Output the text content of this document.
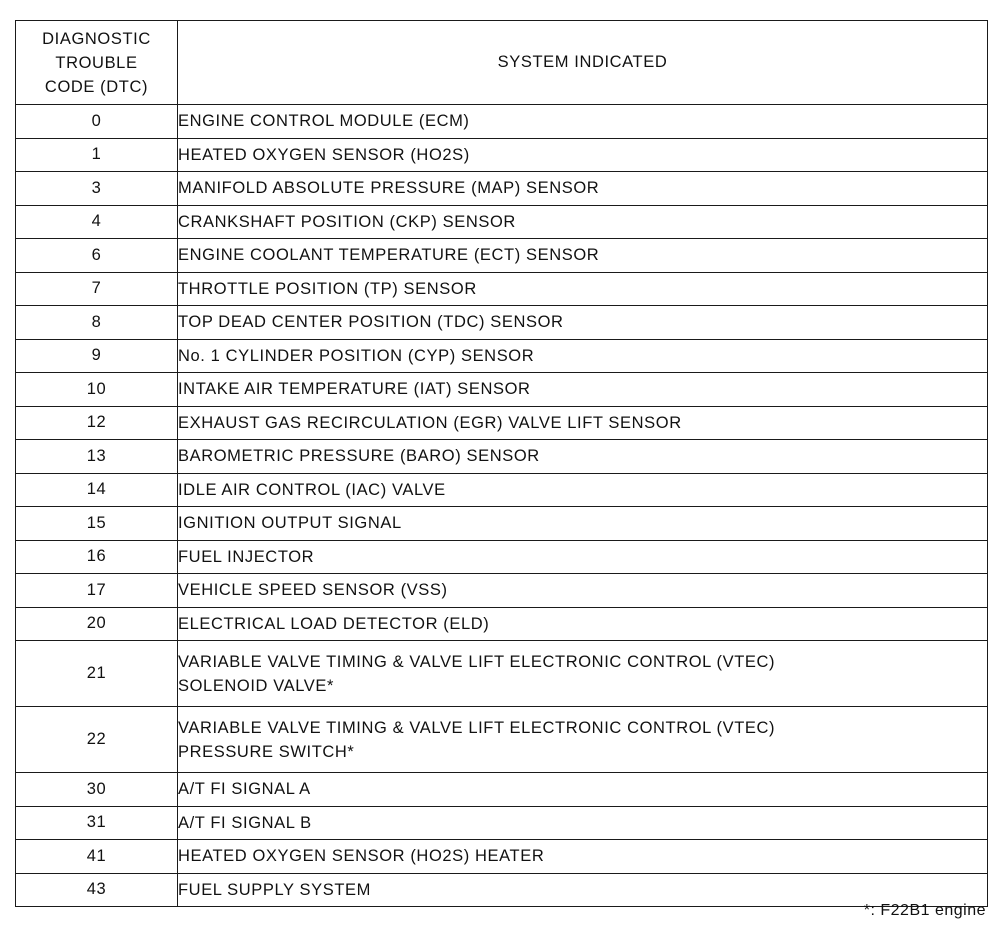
DIAGNOSTIC
TROUBLE
CODE (DTC)	SYSTEM INDICATED
0	ENGINE CONTROL MODULE (ECM)

1	HEATED OXYGEN SENSOR (HO2S)

3	MANIFOLD ABSOLUTE PRESSURE (MAP) SENSOR

4	CRANKSHAFT POSITION (CKP) SENSOR

6	ENGINE COOLANT TEMPERATURE (ECT) SENSOR

7	THROTTLE POSITION (TP) SENSOR

8	TOP DEAD CENTER POSITION (TDC) SENSOR

9	No. 1 CYLINDER POSITION (CYP) SENSOR

10	INTAKE AIR TEMPERATURE (IAT) SENSOR

12	EXHAUST GAS RECIRCULATION (EGR) VALVE LIFT SENSOR

13	BAROMETRIC PRESSURE (BARO) SENSOR

14	IDLE AIR CONTROL (IAC) VALVE

15	IGNITION OUTPUT SIGNAL

16	FUEL INJECTOR

17	VEHICLE SPEED SENSOR (VSS)

20	ELECTRICAL LOAD DETECTOR (ELD)

21	VARIABLE VALVE TIMING & VALVE LIFT ELECTRONIC CONTROL (VTEC)
SOLENOID VALVE*

22	VARIABLE VALVE TIMING & VALVE LIFT ELECTRONIC CONTROL (VTEC)
PRESSURE SWITCH*

30	A/T FI SIGNAL A

31	A/T FI SIGNAL B

41	HEATED OXYGEN SENSOR (HO2S) HEATER

43	FUEL SUPPLY SYSTEM
*: F22B1 engine
